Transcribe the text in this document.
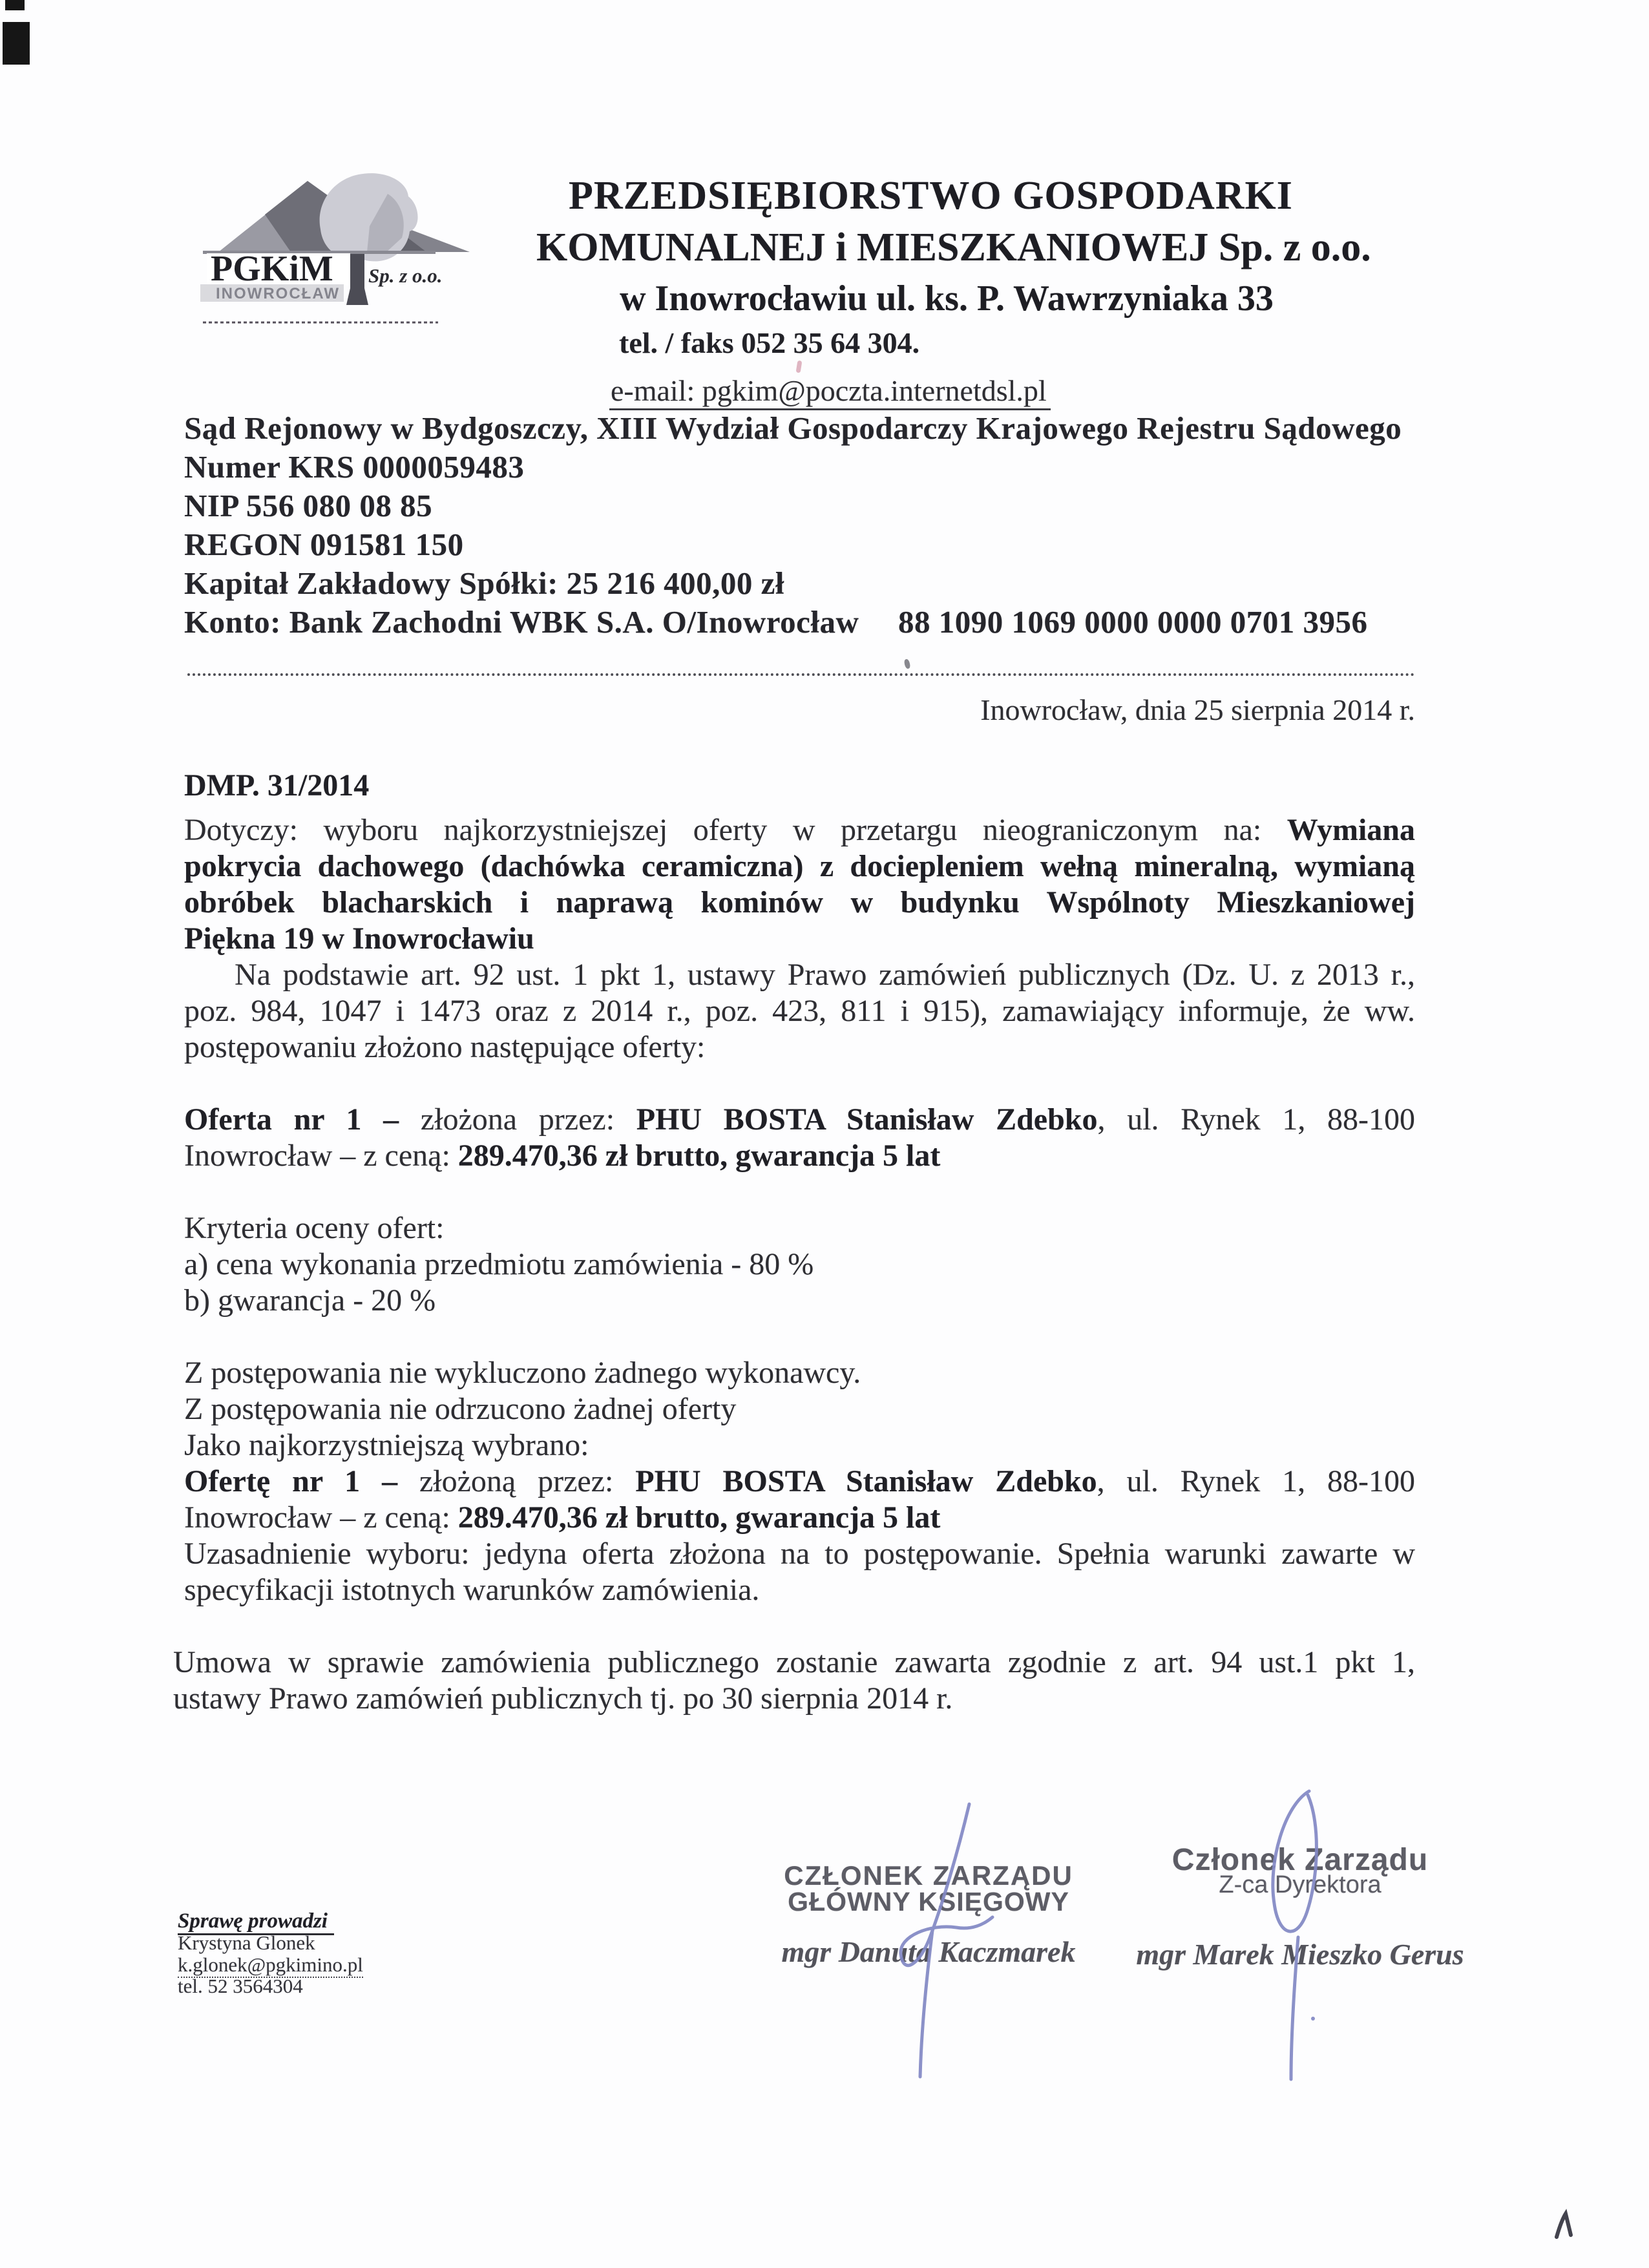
PGKiM Sp. z o.o.
INOWROCŁAW
PRZEDSIĘBIORSTWO GOSPODARKI
KOMUNALNEJ i MIESZKANIOWEJ Sp. z o.o.
w Inowrocławiu ul. ks. P. Wawrzyniaka 33
tel. / faks 052 35 64 304.
e-mail: pgkim@poczta.internetdsl.pl
Sąd Rejonowy w Bydgoszczy, XIII Wydział Gospodarczy Krajowego Rejestru Sądowego
Numer KRS 0000059483
NIP 556 080 08 85
REGON 091581 150
Kapitał Zakładowy Spółki: 25 216 400,00 zł
Konto: Bank Zachodni WBK S.A. O/Inowrocław 88 1090 1069 0000 0000 0701 3956
Inowrocław, dnia 25 sierpnia 2014 r.
DMP. 31/2014
Dotyczy: wyboru najkorzystniejszej oferty w przetargu nieograniczonym na: Wymiana
pokrycia dachowego (dachówka ceramiczna) z dociepleniem wełną mineralną, wymianą
obróbek blacharskich i naprawą kominów w budynku Wspólnoty Mieszkaniowej
Piękna 19 w Inowrocławiu
Na podstawie art. 92 ust. 1 pkt 1, ustawy Prawo zamówień publicznych (Dz. U. z 2013 r.,
poz. 984, 1047 i 1473 oraz z 2014 r., poz. 423, 811 i 915), zamawiający informuje, że ww.
postępowaniu złożono następujące oferty:
Oferta nr 1 – złożona przez: PHU BOSTA Stanisław Zdebko, ul. Rynek 1, 88-100
Inowrocław – z ceną: 289.470,36 zł brutto, gwarancja 5 lat
Kryteria oceny ofert:
a) cena wykonania przedmiotu zamówienia - 80 %
b) gwarancja - 20 %
Z postępowania nie wykluczono żadnego wykonawcy.
Z postępowania nie odrzucono żadnej oferty
Jako najkorzystniejszą wybrano:
Ofertę nr 1 – złożoną przez: PHU BOSTA Stanisław Zdebko, ul. Rynek 1, 88-100
Inowrocław – z ceną: 289.470,36 zł brutto, gwarancja 5 lat
Uzasadnienie wyboru: jedyna oferta złożona na to postępowanie. Spełnia warunki zawarte w
specyfikacji istotnych warunków zamówienia.
Umowa w sprawie zamówienia publicznego zostanie zawarta zgodnie z art. 94 ust.1 pkt 1,
ustawy Prawo zamówień publicznych tj. po 30 sierpnia 2014 r.
Sprawę prowadzi
Krystyna Glonek
k.glonek@pgkimino.pl
tel. 52 3564304
CZŁONEK ZARZĄDU
GŁÓWNY KSIĘGOWY
mgr Danuta Kaczmarek
Członek Zarządu
Z-ca Dyrektora
mgr Marek Mieszko Gerus
